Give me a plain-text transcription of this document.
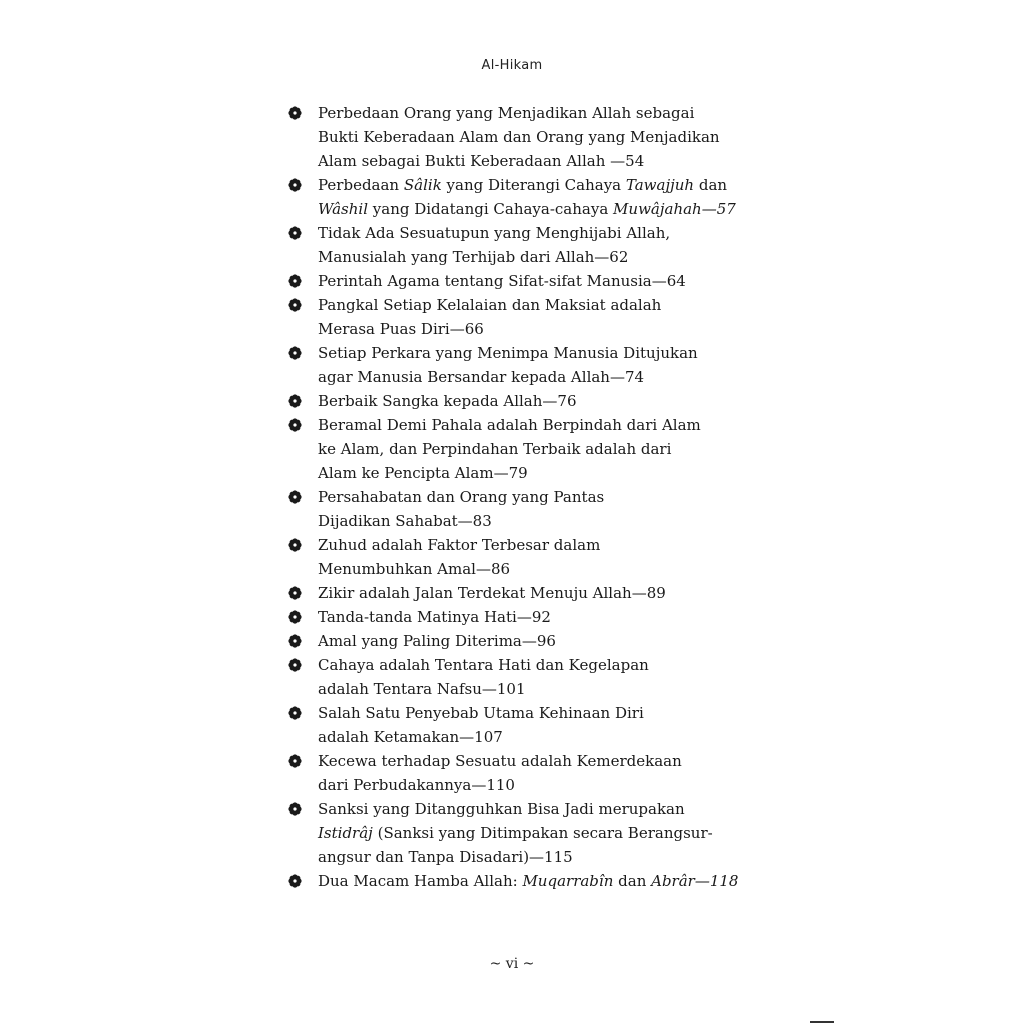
Al-Hikam
Perbedaan Orang yang Menjadikan Allah sebagai
Bukti Keberadaan Alam dan Orang yang Menjadikan
Alam sebagai Bukti Keberadaan Allah —54
Perbedaan Sâlik yang Diterangi Cahaya Tawajjuh dan
Wâshil yang Didatangi Cahaya-cahaya Muwâjahah—57
Tidak Ada Sesuatupun yang Menghijabi Allah,
Manusialah yang Terhijab dari Allah—62
Perintah Agama tentang Sifat-sifat Manusia—64
Pangkal Setiap Kelalaian dan Maksiat adalah
Merasa Puas Diri—66
Setiap Perkara yang Menimpa Manusia Ditujukan
agar Manusia Bersandar kepada Allah—74
Berbaik Sangka kepada Allah—76
Beramal Demi Pahala adalah Berpindah dari Alam
ke Alam, dan Perpindahan Terbaik adalah dari
Alam ke Pencipta Alam—79
Persahabatan dan Orang yang Pantas
Dijadikan Sahabat—83
Zuhud adalah Faktor Terbesar dalam
Menumbuhkan Amal—86
Zikir adalah Jalan Terdekat Menuju Allah—89
Tanda-tanda Matinya Hati—92
Amal yang Paling Diterima—96
Cahaya adalah Tentara Hati dan Kegelapan
adalah Tentara Nafsu—101
Salah Satu Penyebab Utama Kehinaan Diri
adalah Ketamakan—107
Kecewa terhadap Sesuatu adalah Kemerdekaan
dari Perbudakannya—110
Sanksi yang Ditangguhkan Bisa Jadi merupakan
Istidrâj (Sanksi yang Ditimpakan secara Berangsur-
angsur dan Tanpa Disadari)—115
Dua Macam Hamba Allah: Muqarrabîn dan Abrâr—118
~ vi ~
